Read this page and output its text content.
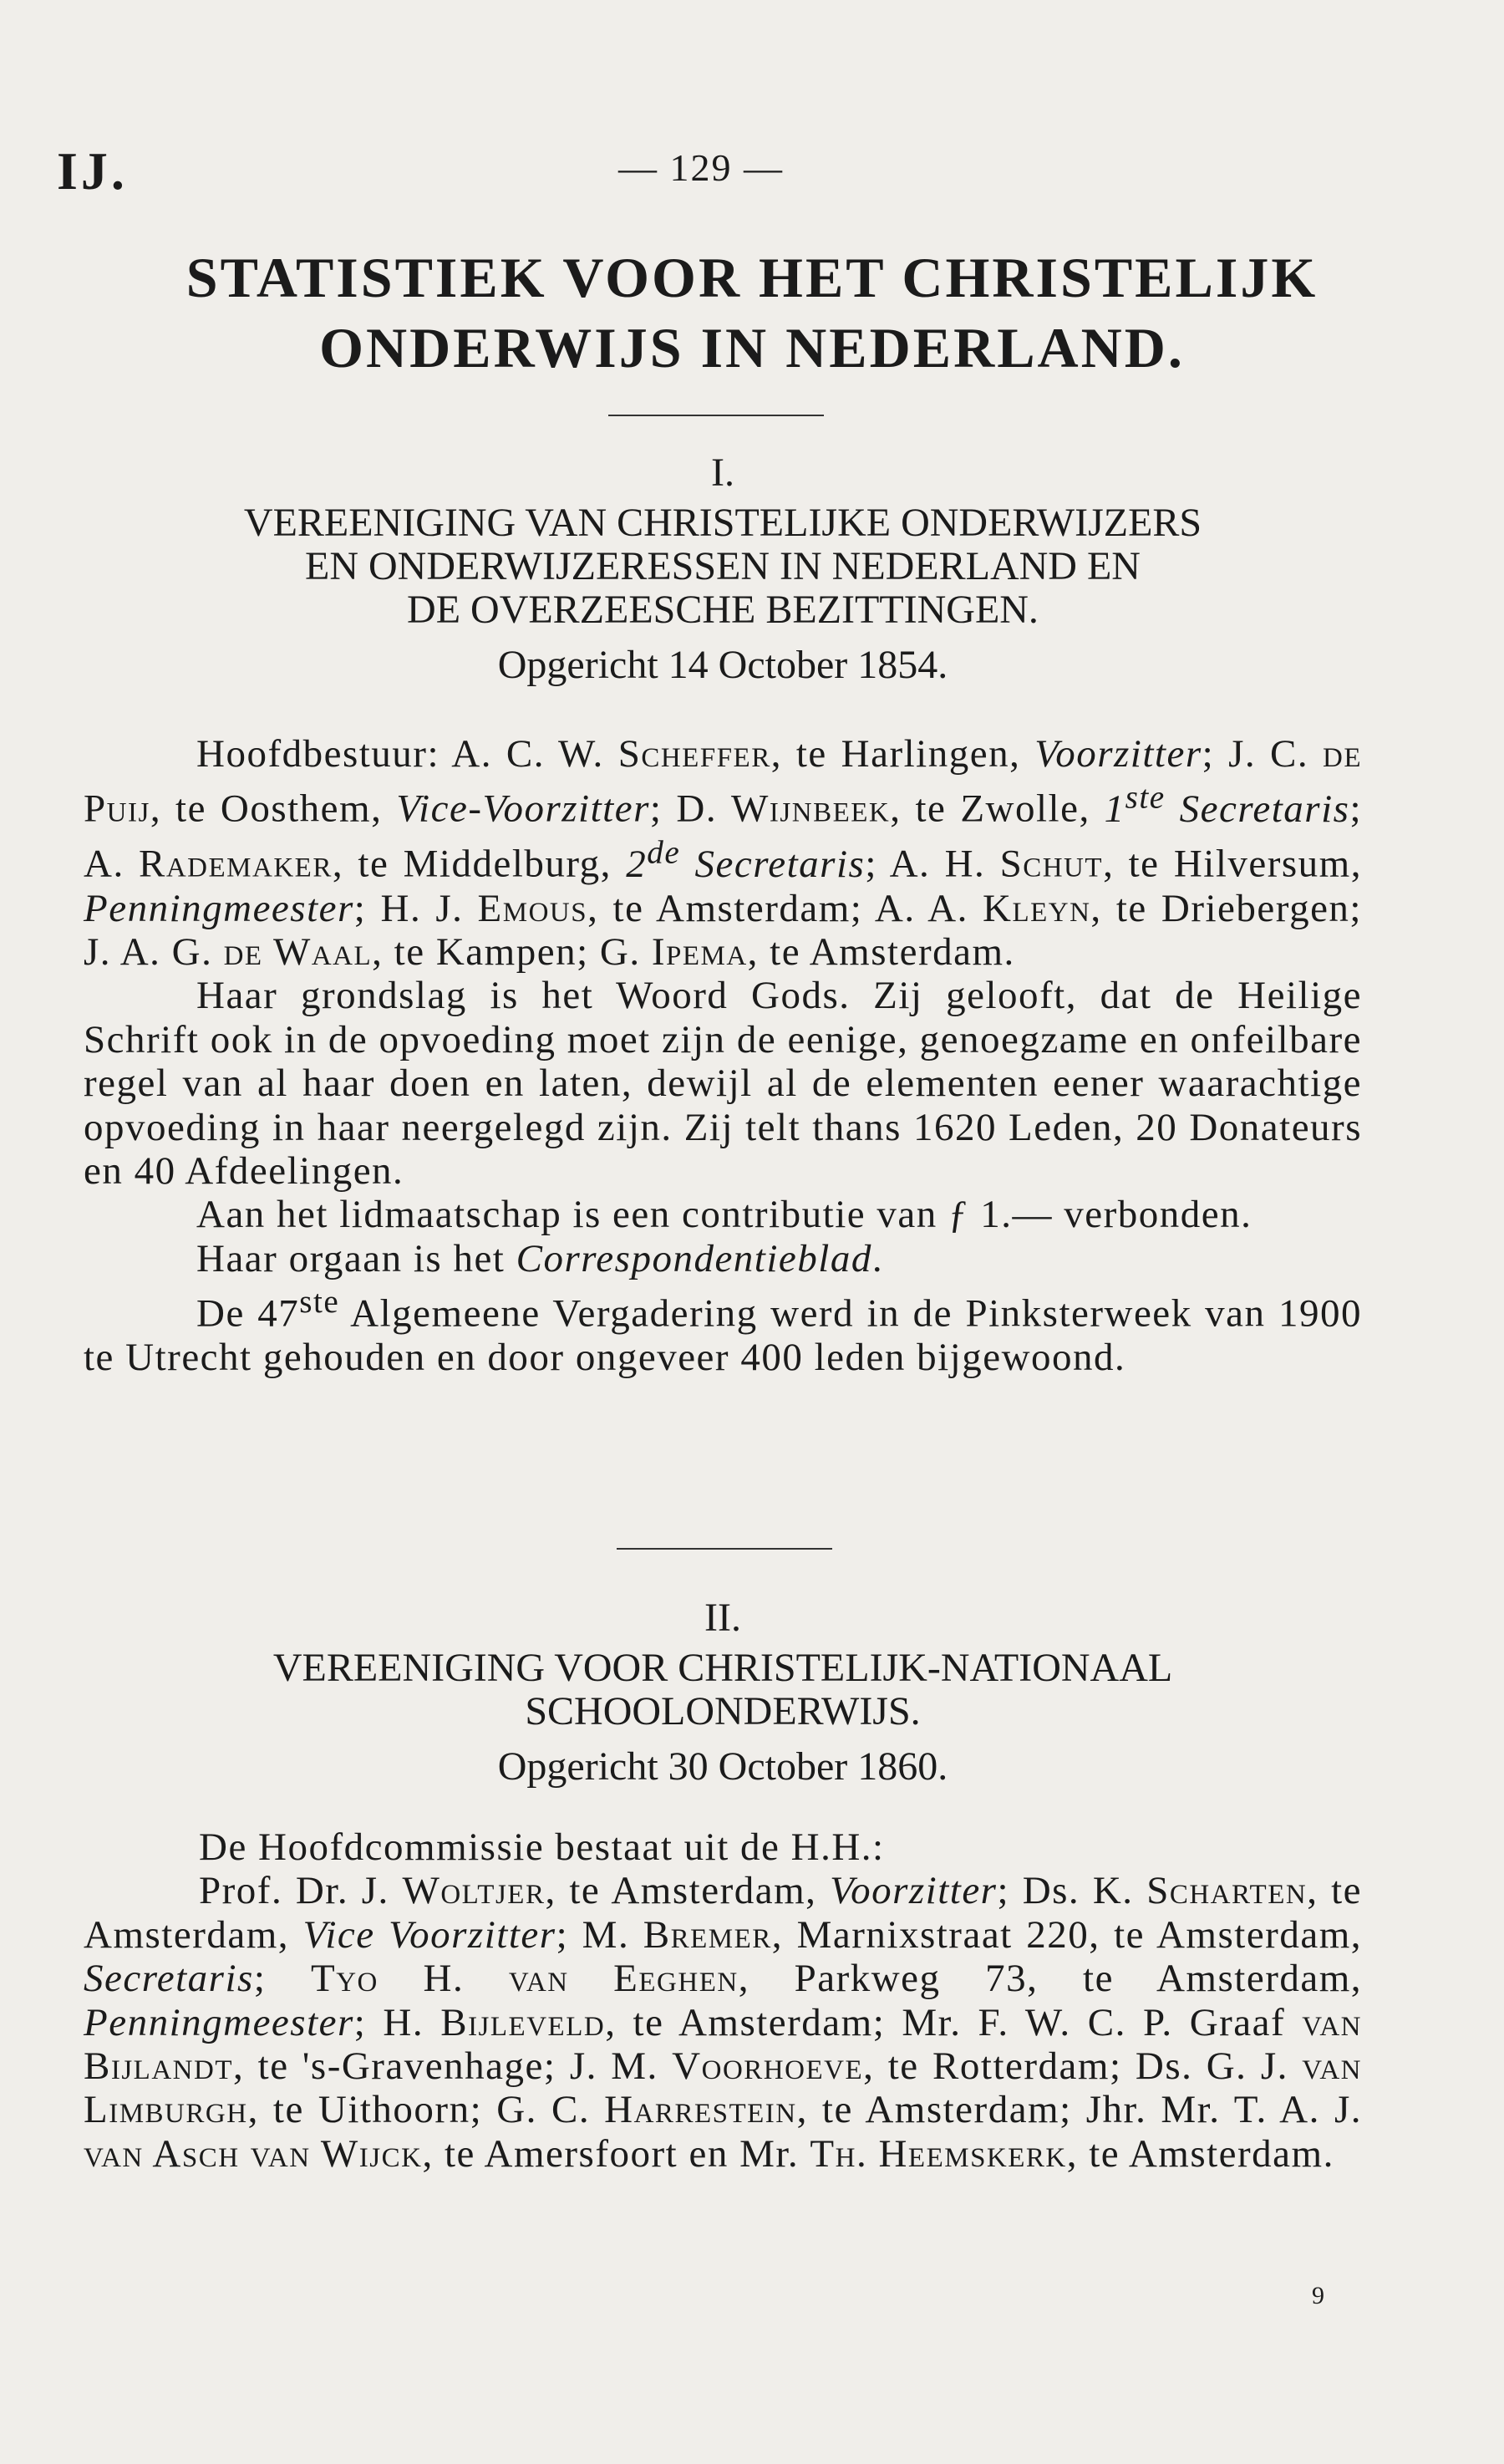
IJ.	— 129 —
STATISTIEK VOOR HET CHRISTELIJK
ONDERWIJS IN NEDERLAND.
I.
VEREENIGING VAN CHRISTELIJKE ONDERWIJZERS
EN ONDERWIJZERESSEN IN NEDERLAND EN
DE OVERZEESCHE BEZITTINGEN.
Opgericht 14 October 1854.

Hoofdbestuur: A. C. W. Scheffer, te Harlingen, Voorzitter; J. C. de Puij, te Oosthem, Vice-Voorzitter; D. Wijnbeek, te Zwolle, 1ste Secretaris; A. Rademaker, te Middelburg, 2de Secretaris; A. H. Schut, te Hilversum, Penningmeester; H. J. Emous, te Amsterdam; A. A. Kleyn, te Driebergen; J. A. G. de Waal, te Kampen; G. Ipema, te Amsterdam.

Haar grondslag is het Woord Gods. Zij gelooft, dat de Heilige Schrift ook in de opvoeding moet zijn de eenige, genoegzame en onfeilbare regel van al haar doen en laten, dewijl al de elementen eener waarachtige opvoeding in haar neergelegd zijn. Zij telt thans 1620 Leden, 20 Donateurs en 40 Afdeelingen.

Aan het lidmaatschap is een contributie van ƒ 1.— verbonden.

Haar orgaan is het Correspondentieblad.

De 47ste Algemeene Vergadering werd in de Pinksterweek van 1900 te Utrecht gehouden en door ongeveer 400 leden bijgewoond.

II.
VEREENIGING VOOR CHRISTELIJK-NATIONAAL
SCHOOLONDERWIJS.
Opgericht 30 October 1860.

De Hoofdcommissie bestaat uit de H.H.:

Prof. Dr. J. Woltjer, te Amsterdam, Voorzitter; Ds. K. Scharten, te Amsterdam, Vice Voorzitter; M. Bremer, Marnixstraat 220, te Amsterdam, Secretaris; Tyo H. van Eeghen, Parkweg 73, te Amsterdam, Penningmeester; H. Bijleveld, te Amsterdam; Mr. F. W. C. P. Graaf van Bijlandt, te 's-Gravenhage; J. M. Voorhoeve, te Rotterdam; Ds. G. J. van Limburgh, te Uithoorn; G. C. Harrestein, te Amsterdam; Jhr. Mr. T. A. J. van Asch van Wijck, te Amersfoort en Mr. Th. Heemskerk, te Amsterdam.

9
